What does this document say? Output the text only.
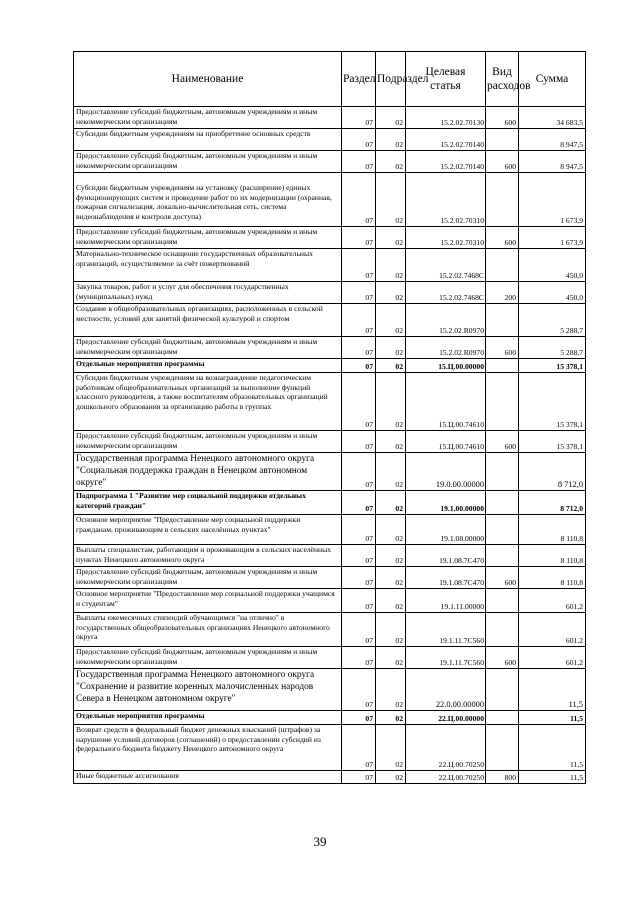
Наименование	Раздел	Подраздел	Целевая статья	Вид расходов	Сумма
Предоставление субсидий бюджетным, автономным учреждениям и иным некоммерческим организациям	07	02	15.2.02.70130	600	34 683,5
Субсидии бюджетным учреждениям на приобретение основных средств	07	02	15.2.02.70140		8 947,5
Предоставление субсидий бюджетным, автономным учреждениям и иным некоммерческим организациям	07	02	15.2.02.70140	600	8 947,5
Субсидии бюджетным учреждениям на установку (расширение) единых функционирующих систем и проведение работ по их модернизации (охранная, пожарная сигнализация, локально-вычислительная сеть, система видеонаблюдения и контроля доступа)	07	02	15.2.02.70310		1 673,9
Предоставление субсидий бюджетным, автономным учреждениям и иным некоммерческим организациям	07	02	15.2.02.70310	600	1 673,9
Материально-техническое оснащение государственных образовательных организаций, осуществляемое за счёт пожертвований	07	02	15.2.02.7468С		450,0
Закупка товаров, работ и услуг для обеспечения государственных (муниципальных) нужд	07	02	15.2.02.7468С	200	450,0
Создание в общеобразовательных организациях, расположенных в сельской местности, условий для занятий физической культурой и спортом	07	02	15.2.02.R0970		5 288,7
Предоставление субсидий бюджетным, автономным учреждениям и иным некоммерческим организациям	07	02	15.2.02.R0970	600	5 288,7
Отдельные мероприятия программы	07	02	15.Ц.00.00000		15 378,1
Субсидии бюджетным учреждениям на вознаграждение педагогическим работникам общеобразовательных организаций за выполнение функций классного руководителя, а также воспитателям образовательных организаций дошкольного образования за организацию работы в группах	07	02	15.Ц.00.74610		15 378,1
Предоставление субсидий бюджетным, автономным учреждениям и иным некоммерческим организациям	07	02	15.Ц.00.74610	600	15 378,1
Государственная программа Ненецкого автономного округа "Социальная поддержка граждан в Ненецком автономном округе"	07	02	19.0.00.00000		8 712,0
Подпрограмма 1 "Развитие мер социальной поддержки отдельных категорий граждан"	07	02	19.1.00.00000		8 712,0
Основное мероприятие "Предоставление мер социальной поддержки гражданам, проживающим в сельских населённых пунктах"	07	02	19.1.08.00000		8 110,8
Выплаты специалистам, работающим и проживающим в сельских населённых пунктах Ненецкого автономного округа	07	02	19.1.08.7С470		8 110,8
Предоставление субсидий бюджетным, автономным учреждениям и иным некоммерческим организациям	07	02	19.1.08.7С470	600	8 110,8
Основное мероприятие "Предоставление мер социальной поддержки учащимся и студентам"	07	02	19.1.11.00000		601,2
Выплаты ежемесячных стипендий обучающимся "на отлично" в государственных общеобразовательных организациях Ненецкого автономного округа	07	02	19.1.11.7С560		601,2
Предоставление субсидий бюджетным, автономным учреждениям и иным некоммерческим организациям	07	02	19.1.11.7С560	600	601,2
Государственная программа Ненецкого автономного округа "Сохранение и развитие коренных малочисленных народов Севера в Ненецком автономном округе"	07	02	22.0.00.00000		11,5
Отдельные мероприятия программы	07	02	22.Ц.00.00000		11,5
Возврат средств в федеральный бюджет денежных взысканий (штрафов) за нарушение условий договоров (соглашений) о предоставлении субсидий из федерального бюджета бюджету Ненецкого автономного округа	07	02	22.Ц.00.70250		11,5
Иные бюджетные ассигнования	07	02	22.Ц.00.70250	800	11,5
39
